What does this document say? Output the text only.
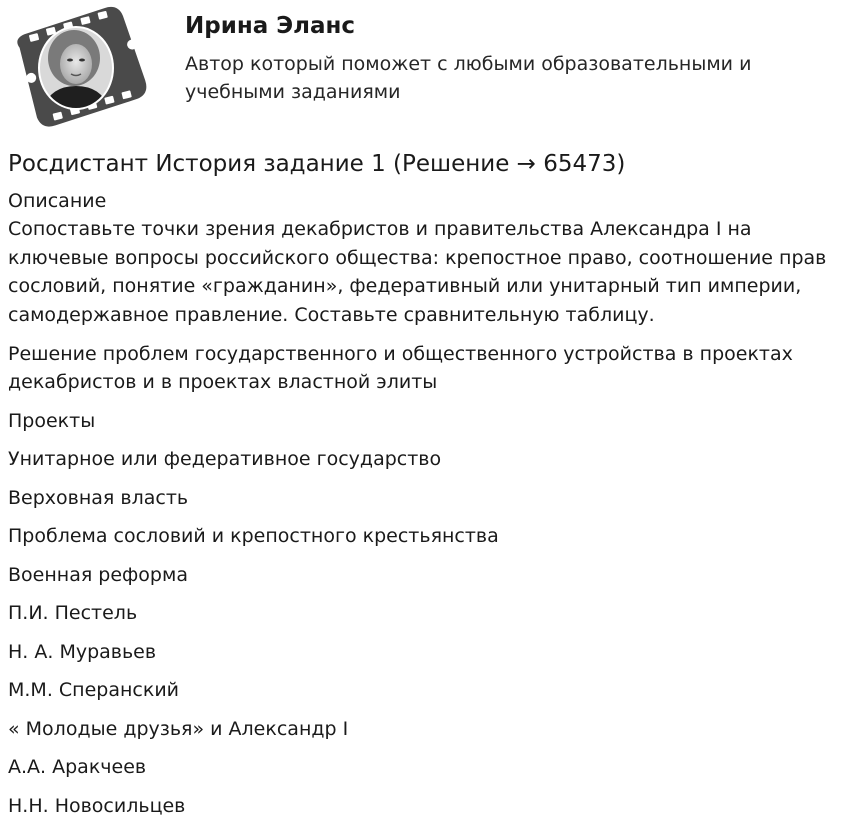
Ирина Эланс

Автор который поможет с любыми образовательными и учебными заданиями

Росдистант История задание 1 (Решение → 65473)

Описание

Сопоставьте точки зрения декабристов и правительства Александра I на ключевые вопросы российского общества: крепостное право, соотношение прав сословий, понятие «гражданин», федеративный или унитарный тип империи, самодержавное правление. Составьте сравнительную таблицу.

Решение проблем государственного и общественного устройства в проектах декабристов и в проектах властной элиты

Проекты

Унитарное или федеративное государство

Верховная власть

Проблема сословий и крепостного крестьянства

Военная реформа

П.И. Пестель

Н. А. Муравьев

М.М. Сперанский

« Молодые друзья» и Александр I

А.А. Аракчеев

Н.Н. Новосильцев
